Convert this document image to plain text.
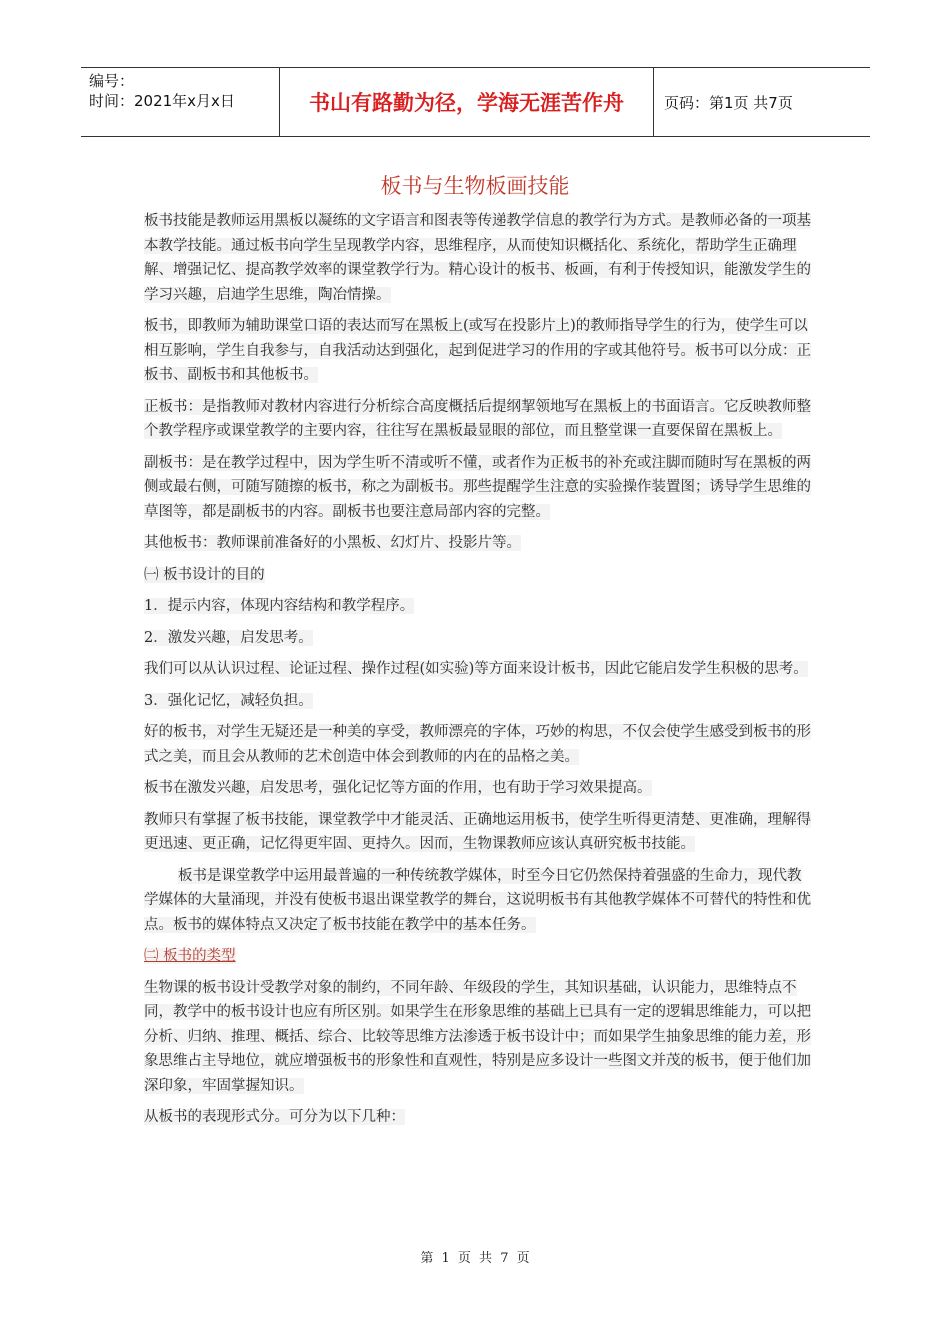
编号：
时间：2021年x月x日	书山有路勤为径，学海无涯苦作舟	页码：第1页 共7页
板书与生物板画技能

板书技能是教师运用黑板以凝练的文字语言和图表等传递教学信息的教学行为方式。是教师必备的一项基本教学技能。通过板书向学生呈现教学内容，思维程序，从而使知识概括化、系统化，帮助学生正确理解、增强记忆、提高教学效率的课堂教学行为。精心设计的板书、板画，有利于传授知识，能激发学生的学习兴趣，启迪学生思维，陶冶情操。

板书，即教师为辅助课堂口语的表达而写在黑板上(或写在投影片上)的教师指导学生的行为，使学生可以相互影响，学生自我参与，自我活动达到强化，起到促进学习的作用的字或其他符号。板书可以分成：正板书、副板书和其他板书。

正板书：是指教师对教材内容进行分析综合高度概括后提纲挈领地写在黑板上的书面语言。它反映教师整个教学程序或课堂教学的主要内容，往往写在黑板最显眼的部位，而且整堂课一直要保留在黑板上。

副板书：是在教学过程中，因为学生听不清或听不懂，或者作为正板书的补充或注脚而随时写在黑板的两侧或最右侧，可随写随擦的板书，称之为副板书。那些提醒学生注意的实验操作装置图；诱导学生思维的草图等，都是副板书的内容。副板书也要注意局部内容的完整。

其他板书：教师课前准备好的小黑板、幻灯片、投影片等。

㈠ 板书设计的目的

1．提示内容，体现内容结构和教学程序。

2．激发兴趣，启发思考。

我们可以从认识过程、论证过程、操作过程(如实验)等方面来设计板书，因此它能启发学生积极的思考。

3．强化记忆，减轻负担。

好的板书，对学生无疑还是一种美的享受，教师漂亮的字体，巧妙的构思，不仅会使学生感受到板书的形式之美，而且会从教师的艺术创造中体会到教师的内在的品格之美。

板书在激发兴趣，启发思考，强化记忆等方面的作用，也有助于学习效果提高。

教师只有掌握了板书技能，课堂教学中才能灵活、正确地运用板书，使学生听得更清楚、更准确，理解得更迅速、更正确，记忆得更牢固、更持久。因而，生物课教师应该认真研究板书技能。

板书是课堂教学中运用最普遍的一种传统教学媒体，时至今日它仍然保持着强盛的生命力，现代教学媒体的大量涌现，并没有使板书退出课堂教学的舞台，这说明板书有其他教学媒体不可替代的特性和优点。板书的媒体特点又决定了板书技能在教学中的基本任务。

㈡ 板书的类型

生物课的板书设计受教学对象的制约，不同年龄、年级段的学生，其知识基础，认识能力，思维特点不同，教学中的板书设计也应有所区别。如果学生在形象思维的基础上已具有一定的逻辑思维能力，可以把分析、归纳、推理、概括、综合、比较等思维方法渗透于板书设计中；而如果学生抽象思维的能力差，形象思维占主导地位，就应增强板书的形象性和直观性，特别是应多设计一些图文并茂的板书，便于他们加深印象，牢固掌握知识。

从板书的表现形式分。可分为以下几种：

第 1 页 共 7 页
